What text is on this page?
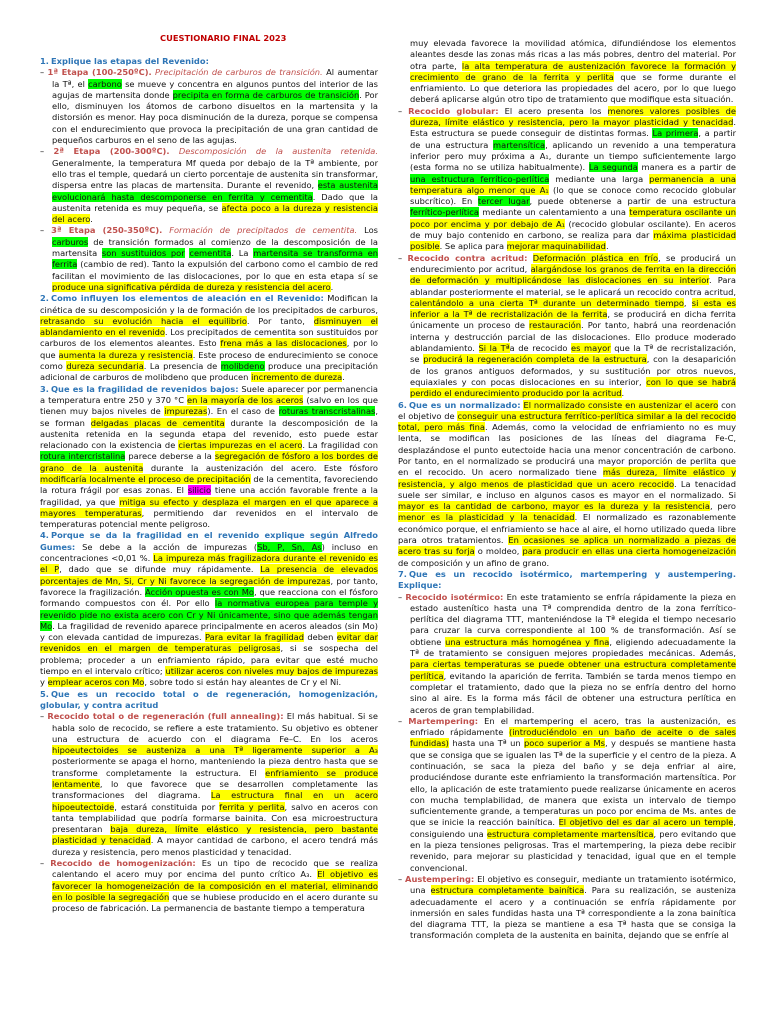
CUESTIONARIO FINAL 2023

1. Explique las etapas del Revenido:

– 1ª Etapa (100-250ºC). Precipitación de carburos de transición. Al aumentar la Tª, el carbono se mueve y concentra en algunos puntos del interior de las agujas de martensita donde precipita en forma de carburos de transición. Por ello, disminuyen los átomos de carbono disueltos en la martensita y la distorsión es menor. Hay poca disminución de la dureza, porque se compensa con el endurecimiento que provoca la precipitación de una gran cantidad de pequeños carburos en el seno de las agujas.

– 2ª Etapa (200-300ºC). Descomposición de la austenita retenida. Generalmente, la temperatura Mf queda por debajo de la Tª ambiente, por ello tras el temple, quedará un cierto porcentaje de austenita sin transformar, dispersa entre las placas de martensita. Durante el revenido, esta austenita evolucionará hasta descomponerse en ferrita y cementita. Dado que la austenita retenida es muy pequeña, se afecta poco a la dureza y resistencia del acero.

– 3ª Etapa (250-350ºC). Formación de precipitados de cementita. Los carburos de transición formados al comienzo de la descomposición de la martensita son sustituidos por cementita. La martensita se transforma en ferrita (cambio de red). Tanto la expulsión del carbono como el cambio de red facilitan el movimiento de las dislocaciones, por lo que en esta etapa sí se produce una significativa pérdida de dureza y resistencia del acero.

2. Como influyen los elementos de aleación en el Revenido: Modifican la cinética de su descomposición y la de formación de los precipitados de carburos, retrasando su evolución hacia el equilibrio. Por tanto, disminuyen el ablandamiento en el revenido. Los precipitados de cementita son sustituidos por carburos de los elementos aleantes. Esto frena más a las dislocaciones, por lo que aumenta la dureza y resistencia. Este proceso de endurecimiento se conoce como dureza secundaria. La presencia de molibdeno produce una precipitación adicional de carburos de molibdeno que producen incremento de dureza.

3. Que es la fragilidad de revenidos bajos: Suele aparecer por permanencia a temperatura entre 250 y 370 °C en la mayoría de los aceros (salvo en los que tienen muy bajos niveles de impurezas). En el caso de roturas transcristalinas, se forman delgadas placas de cementita durante la descomposición de la austenita retenida en la segunda etapa del revenido, esto puede estar relacionado con la existencia de ciertas impurezas en el acero. La fragilidad con rotura intercristalina parece deberse a la segregación de fósforo a los bordes de grano de la austenita durante la austenización del acero. Este fósforo modificaría localmente el proceso de precipitación de la cementita, favoreciendo la rotura frágil por esas zonas. El silicio tiene una acción favorable frente a la fragilidad, ya que mitiga su efecto y desplaza el margen en el que aparece a mayores temperaturas, permitiendo dar revenidos en el intervalo de temperaturas potencial mente peligroso.

4. Porque se da la fragilidad en el revenido explique según Alfredo Gumes: Se debe a la acción de impurezas (Sb, P, Sn, As) incluso en concentraciones <0,01 %. La impureza más fragilizadora durante el revenido es el P, dado que se difunde muy rápidamente. La presencia de elevados porcentajes de Mn, Si, Cr y Ni favorece la segregación de impurezas, por tanto, favorece la fragilización. Acción opuesta es con Mo, que reacciona con el fósforo formando compuestos con él. Por ello la normativa europea para temple y revenido pide no exista acero con Cr y Ni únicamente, sino que además tengan Mo. La fragilidad de revenido aparece principalmente en aceros aleados (sin Mo) y con elevada cantidad de impurezas. Para evitar la fragilidad deben evitar dar revenidos en el margen de temperaturas peligrosas, si se sospecha del problema; proceder a un enfriamiento rápido, para evitar que esté mucho tiempo en el intervalo crítico; utilizar aceros con niveles muy bajos de impurezas y emplear aceros con Mo, sobre todo si están hay aleantes de Cr y el Ni.

5. Que es un recocido total o de regeneración, homogenización, globular, y contra acritud

– Recocido total o de regeneración (full annealing): El más habitual. Si se habla solo de recocido, se refiere a este tratamiento. Su objetivo es obtener una estructura de acuerdo con el diagrama Fe–C. En los aceros hipoeutectoides se austeniza a una Tª ligeramente superior a A₃ posteriormente se apaga el horno, manteniendo la pieza dentro hasta que se transforme completamente la estructura. El enfriamiento se produce lentamente, lo que favorece que se desarrollen completamente las transformaciones del diagrama. La estructura final en un acero hipoeutectoide, estará constituida por ferrita y perlita, salvo en aceros con tanta templabilidad que podría formarse bainita. Con esa microestructura presentaran baja dureza, límite elástico y resistencia, pero bastante plasticidad y tenacidad. A mayor cantidad de carbono, el acero tendrá más dureza y resistencia, pero menos plasticidad y tenacidad.

– Recocido de homogenización: Es un tipo de recocido que se realiza calentando el acero muy por encima del punto crítico A₃. El objetivo es favorecer la homogeneización de la composición en el material, eliminando en lo posible la segregación que se hubiese producido en el acero durante su proceso de fabricación. La permanencia de bastante tiempo a temperatura

muy elevada favorece la movilidad atómica, difundiéndose los elementos aleantes desde las zonas más ricas a las más pobres, dentro del material. Por otra parte, la alta temperatura de austenización favorece la formación y crecimiento de grano de la ferrita y perlita que se forme durante el enfriamiento. Lo que deteriora las propiedades del acero, por lo que luego deberá aplicarse algún otro tipo de tratamiento que modifique esta situación.

– Recocido globular: El acero presenta los menores valores posibles de dureza, límite elástico y resistencia, pero la mayor plasticidad y tenacidad. Esta estructura se puede conseguir de distintas formas. La primera, a partir de una estructura martensítica, aplicando un revenido a una temperatura inferior pero muy próxima a A₁, durante un tiempo suficientemente largo (esta forma no se utiliza habitualmente). La segunda manera es a partir de una estructura ferrítico-perlítica mediante una larga permanencia a una temperatura algo menor que A₁ (lo que se conoce como recocido globular subcrítico). En tercer lugar, puede obtenerse a partir de una estructura ferrítico-perlítica mediante un calentamiento a una temperatura oscilante un poco por encima y por debajo de A₁ (recocido globular oscilante). En aceros de muy bajo contenido en carbono, se realiza para dar máxima plasticidad posible. Se aplica para mejorar maquinabilidad.

– Recocido contra acritud: Deformación plástica en frío, se producirá un endurecimiento por acritud, alargándose los granos de ferrita en la dirección de deformación y multiplicándose las dislocaciones en su interior. Para ablandar posteriormente el material, se le aplicará un recocido contra acritud, calentándolo a una cierta Tª durante un determinado tiempo, si esta es inferior a la Tª de recristalización de la ferrita, se producirá en dicha ferrita únicamente un proceso de restauración. Por tanto, habrá una reordenación interna y destrucción parcial de las dislocaciones. Ello produce moderado ablandamiento. Si la Tªa de recocido es mayor que la Tª de recristalización, se producirá la regeneración completa de la estructura, con la desaparición de los granos antiguos deformados, y su sustitución por otros nuevos, equiaxiales y con pocas dislocaciones en su interior, con lo que se habrá perdido el endurecimiento producido por la acritud.

6. Que es un normalizado: El normalizado consiste en austenizar el acero con el objetivo de conseguir una estructura ferrítico-perlítica similar a la del recocido total, pero más fina. Además, como la velocidad de enfriamiento no es muy lenta, se modifican las posiciones de las líneas del diagrama Fe-C, desplazándose el punto eutectoide hacia una menor concentración de carbono. Por tanto, en el normalizado se producirá una mayor proporción de perlita que en el recocido. Un acero normalizado tiene más dureza, límite elástico y resistencia, y algo menos de plasticidad que un acero recocido. La tenacidad suele ser similar, e incluso en algunos casos es mayor en el normalizado. Si mayor es la cantidad de carbono, mayor es la dureza y la resistencia, pero menor es la plasticidad y la tenacidad. El normalizado es razonablemente económico porque, el enfriamiento se hace al aire, el horno utilizado queda libre para otros tratamientos. En ocasiones se aplica un normalizado a piezas de acero tras su forja o moldeo, para producir en ellas una cierta homogeneización de composición y un afino de grano.

7. Que es un recocido isotérmico, martempering y austempering. Explique:

– Recocido isotérmico: En este tratamiento se enfría rápidamente la pieza en estado austenítico hasta una Tª comprendida dentro de la zona ferrítico-perlítica del diagrama TTT, manteniéndose la Tª elegida el tiempo necesario para cruzar la curva correspondiente al 100 % de transformación. Así se obtiene una estructura más homogénea y fina, eligiendo adecuadamente la Tª de tratamiento se consiguen mejores propiedades mecánicas. Además, para ciertas temperaturas se puede obtener una estructura completamente perlítica, evitando la aparición de ferrita. También se tarda menos tiempo en completar el tratamiento, dado que la pieza no se enfría dentro del horno sino al aire. Es la forma más fácil de obtener una estructura perlítica en aceros de gran templabilidad.

– Martempering: En el martempering el acero, tras la austenización, es enfriado rápidamente (introduciéndolo en un baño de aceite o de sales fundidas) hasta una Tª un poco superior a Ms, y después se mantiene hasta que se consiga que se igualen las Tª de la superficie y el centro de la pieza. A continuación, se saca la pieza del baño y se deja enfriar al aire, produciéndose durante este enfriamiento la transformación martensítica. Por ello, la aplicación de este tratamiento puede realizarse únicamente en aceros con mucha templabilidad, de manera que exista un intervalo de tiempo suficientemente grande, a temperaturas un poco por encima de Ms. antes de que se inicie la reacción bainítica. El objetivo del es dar al acero un temple, consiguiendo una estructura completamente martensítica, pero evitando que en la pieza tensiones peligrosas. Tras el martempering, la pieza debe recibir revenido, para mejorar su plasticidad y tenacidad, igual que en el temple convencional.

– Austempering: El objetivo es conseguir, mediante un tratamiento isotérmico, una estructura completamente bainítica. Para su realización, se austeniza adecuadamente el acero y a continuación se enfría rápidamente por inmersión en sales fundidas hasta una Tª correspondiente a la zona bainítica del diagrama TTT, la pieza se mantiene a esa Tª hasta que se consiga la transformación completa de la austenita en bainita, dejando que se enfríe al
